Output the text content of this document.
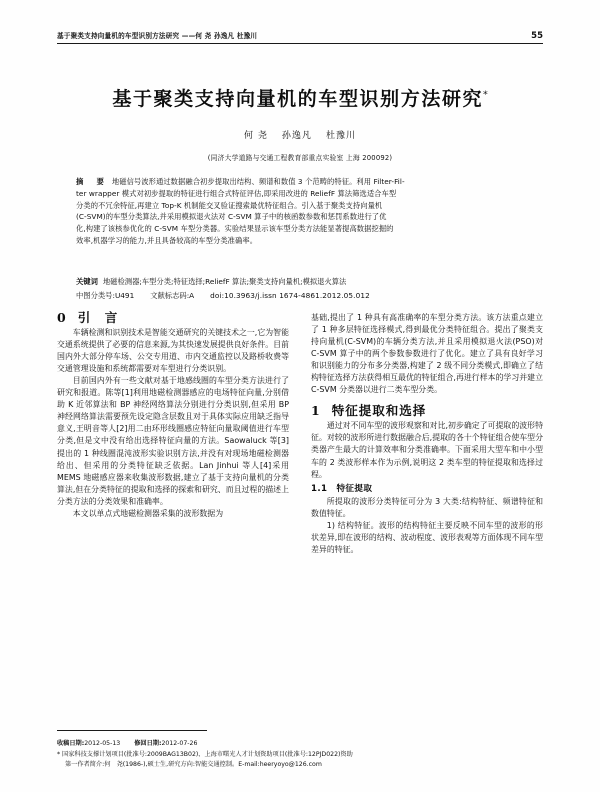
基于聚类支持向量机的车型识别方法研究 ——何 尧 孙逸凡 杜豫川	55
基于聚类支持向量机的车型识别方法研究*
何 尧 孙逸凡 杜豫川
(同济大学道路与交通工程教育部重点实验室 上海 200092)
摘　要 地磁信号波形通过数据融合初步提取出结构、频谱和数值 3 个范畴的特征。利用 Filter-Fil-
ter wrapper 模式对初步提取的特征进行组合式特征评估,即采用改进的 ReliefF 算法筛选适合车型
分类的不冗余特征,再建立 Top-K 机制能交叉验证搜索最优特征组合。引入基于聚类支持向量机
(C-SVM)的车型分类算法,并采用模拟退火法对 C-SVM 算子中的核函数参数和惩罚系数进行了优
化,构建了该核参优化的 C-SVM 车型分类器。实验结果显示该车型分类方法能显著提高数据挖掘的
效率,机器学习的能力,并且具备较高的车型分类准确率。
关键词 地磁检测器;车型分类;特征选择;ReliefF 算法;聚类支持向量机;模拟退火算法
中图分类号:U491 文献标志码:A doi:10.3963/j.issn 1674-4861.2012.05.012
0 引　言

车辆检测和识别技术是智能交通研究的关键技术之一,它为智能交通系统提供了必要的信息来源,为其快速发展提供良好条件。目前国内外大部分停车场、公交专用道、市内交通监控以及路桥收费等交通管理设施和系统都需要对车型进行分类识别。

目前国内外有一些文献对基于地感线圈的车型分类方法进行了研究和报道。陈等[1]利用地磁检测器感应的电场特征向量,分别借助 K 近邻算法和 BP 神经网络算法分别进行分类识别,但采用 BP 神经网络算法需要预先设定隐含层数且对于具体实际应用缺乏指导意义,王明音等人[2]用二由环形线圈感应特征向量取阈值进行车型分类,但是文中没有给出选择特征向量的方法。Saowaluck 等[3]提出的 1 种线圈混沌波形实验识别方法,并没有对现场地磁检测器给出、但采用的分类特征缺乏依据。Lan Jinhui 等人[4]采用 MEMS 地磁感应器来收集波形数据,建立了基于支持向量机的分类算法,但在分类特征的提取和选择的探索和研究、而且过程的描述上分类方法的分类效果和准确率。

本文以单点式地磁检测器采集的波形数据为

基础,提出了 1 种具有高准确率的车型分类方法。该方法重点建立了 1 种多层特征选择模式,得到最优分类特征组合。提出了聚类支持向量机(C-SVM)的车辆分类方法,并且采用模拟退火法(PSO)对 C-SVM 算子中的两个参数参数进行了优化。建立了具有良好学习和识别能力的分布多分类器,构建了 2 级不同分类模式,即确立了结构特征选择方法获得相互最优的特征组合,再进行样本的学习并建立 C-SVM 分类器以进行二类车型分类。

1 特征提取和选择

通过对不同车型的波形观察和对比,初步确定了可提取的波形特征。对较的波形所进行数据融合后,提取的各十个特征组合使车型分类器产生最大的计算效率和分类准确率。下面采用大型车和中小型车的 2 类波形样本作为示例,说明这 2 类车型的特征提取和选择过程。

1.1 特征提取

所提取的波形分类特征可分为 3 大类:结构特征、频谱特征和数值特征。

1) 结构特征。波形的结构特征主要反映不同车型的波形的形状差异,即在波形的结构、波动程度、波形表观等方面体现不同车型差异的特征。

收稿日期:2012-05-13 修回日期:2012-07-26
* 国家科技支撑计划项目(批准号:2009BAG13B02)、上海市曙光人才计划资助项目(批准号:12PJD022)资助
第一作者简介:何　尧(1986-),硕士生,研究方向:智能交通控制。E-mail:heeryoyo@126.com
